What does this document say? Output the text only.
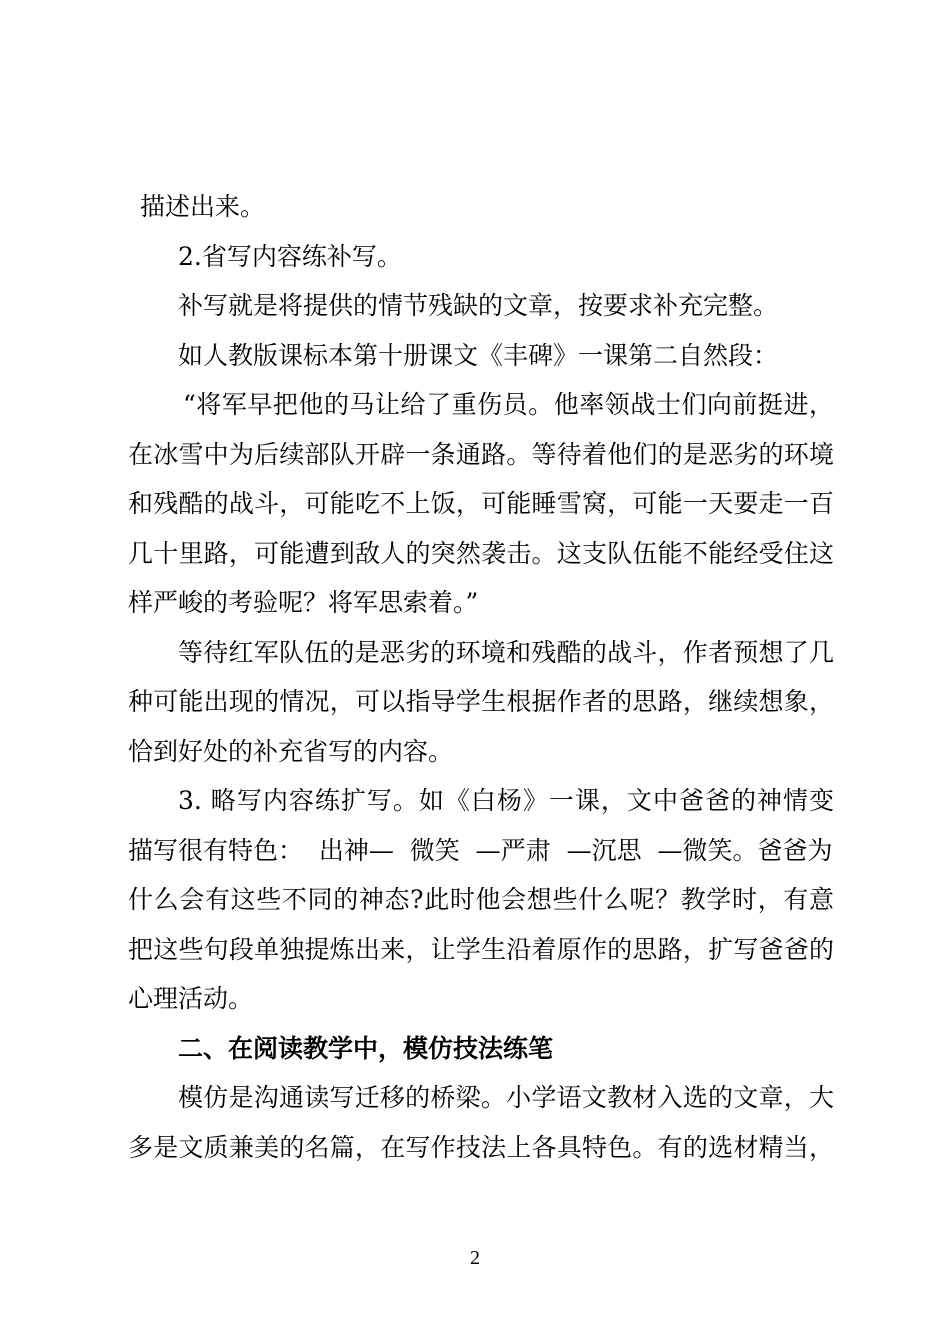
描述出来。
2.省写内容练补写。
补写就是将提供的情节残缺的文章，按要求补充完整。
如人教版课标本第十册课文《丰碑》一课第二自然段：
“将军早把他的马让给了重伤员。他率领战士们向前挺进，
在冰雪中为后续部队开辟一条通路。等待着他们的是恶劣的环境
和残酷的战斗，可能吃不上饭，可能睡雪窝，可能一天要走一百
几十里路，可能遭到敌人的突然袭击。这支队伍能不能经受住这
样严峻的考验呢？将军思索着。”
等待红军队伍的是恶劣的环境和残酷的战斗，作者预想了几
种可能出现的情况，可以指导学生根据作者的思路，继续想象，
恰到好处的补充省写的内容。
3. 略写内容练扩写。如《白杨》一课，文中爸爸的神情变
描写很有特色：  出神—  微笑  —严肃  —沉思  —微笑。爸爸为
什么会有这些不同的神态?此时他会想些什么呢？教学时，有意
把这些句段单独提炼出来，让学生沿着原作的思路，扩写爸爸的
心理活动。
二、在阅读教学中，模仿技法练笔
模仿是沟通读写迁移的桥梁。小学语文教材入选的文章，大
多是文质兼美的名篇，在写作技法上各具特色。有的选材精当，
2
